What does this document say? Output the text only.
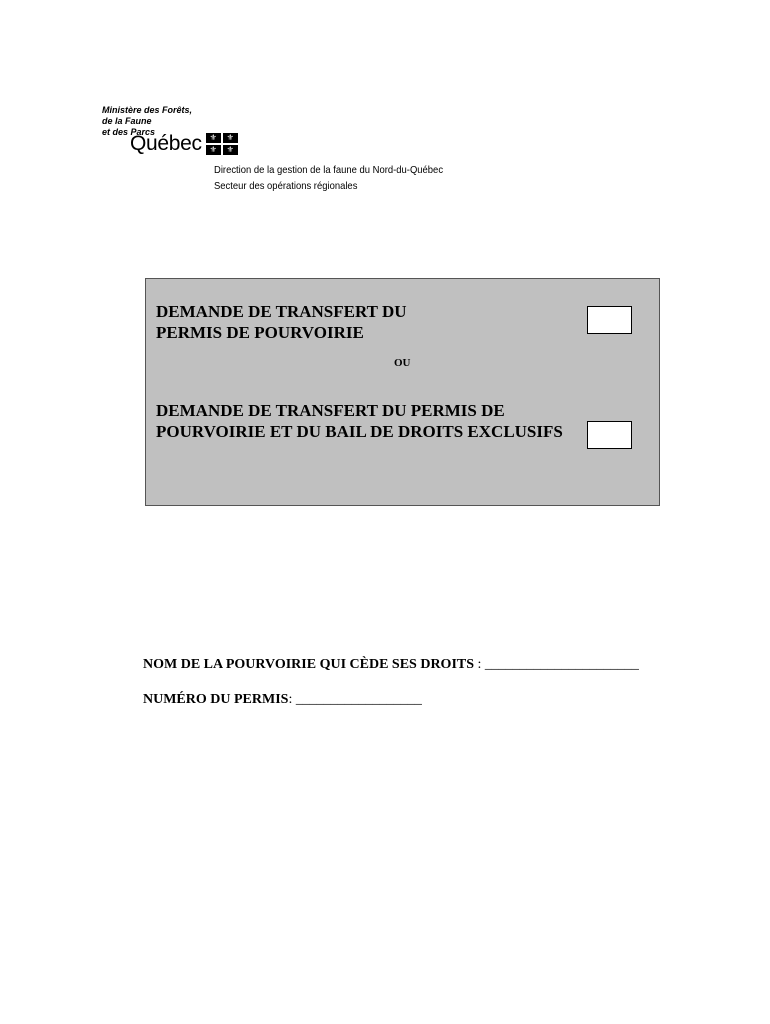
Ministère des Forêts,
de la Faune
et des Parcs
Québec ⚜	⚜
⚜	⚜
Direction de la gestion de la faune du Nord-du-Québec
Secteur des opérations régionales
DEMANDE DE TRANSFERT DU
PERMIS DE POURVOIRIE
OU
DEMANDE DE TRANSFERT DU PERMIS DE
POURVOIRIE ET DU BAIL DE DROITS EXCLUSIFS
NOM DE LA POURVOIRIE QUI CÈDE SES DROITS : ______________________
NUMÉRO DU PERMIS: __________________
